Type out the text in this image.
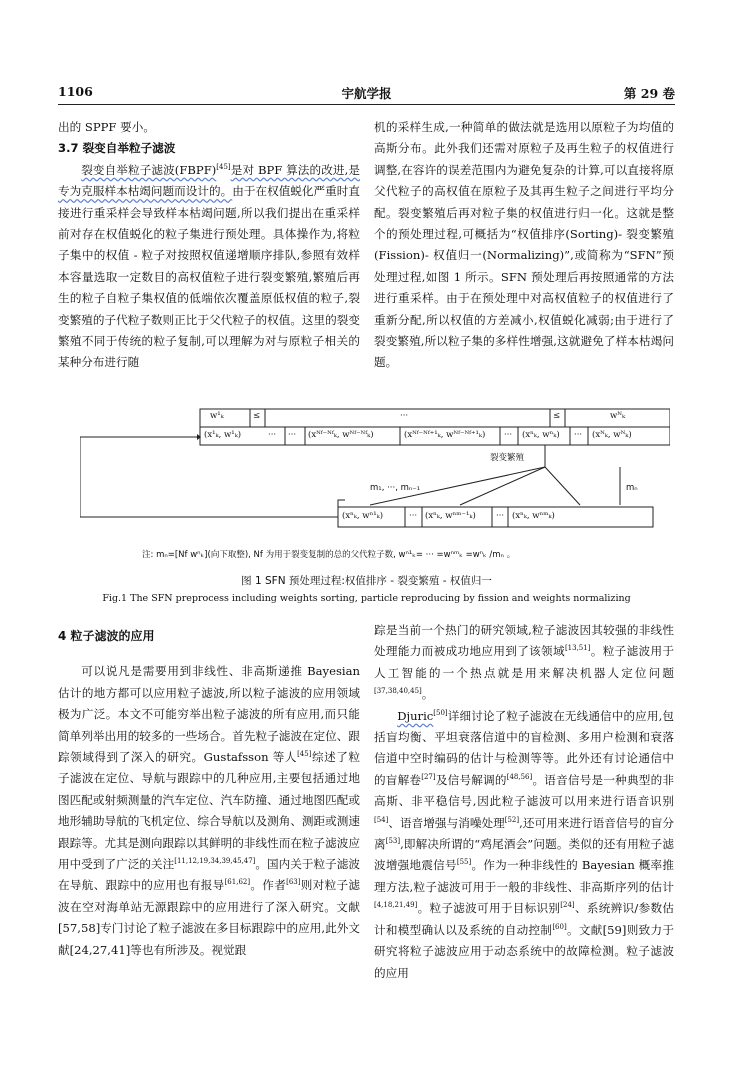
1106	宇航学报	第 29 卷

出的 SPPF 要小。

3.7 裂变自举粒子滤波

裂变自举粒子滤波(FBPF)[45]是对 BPF 算法的改进,是专为克服样本枯竭问题而设计的。由于在权值蜕化严重时直接进行重采样会导致样本枯竭问题,所以我们提出在重采样前对存在权值蜕化的粒子集进行预处理。具体操作为,将粒子集中的权值 - 粒子对按照权值递增顺序排队,参照有效样本容量选取一定数目的高权值粒子进行裂变繁殖,繁殖后再生的粒子自粒子集权值的低端依次覆盖原低权值的粒子,裂变繁殖的子代粒子数则正比于父代粒子的权值。这里的裂变繁殖不同于传统的粒子复制,可以理解为对与原粒子相关的某种分布进行随

机的采样生成,一种简单的做法就是选用以原粒子为均值的高斯分布。此外我们还需对原粒子及再生粒子的权值进行调整,在容许的误差范围内为避免复杂的计算,可以直接将原父代粒子的高权值在原粒子及其再生粒子之间进行平均分配。裂变繁殖后再对粒子集的权值进行归一化。这就是整个的预处理过程,可概括为“权值排序(Sorting)- 裂变繁殖(Fission)- 权值归一(Normalizing)”,或简称为“SFN”预处理过程,如图 1 所示。SFN 预处理后再按照通常的方法进行重采样。由于在预处理中对高权值粒子的权值进行了重新分配,所以权值的方差减小,权值蜕化减弱;由于进行了裂变繁殖,所以粒子集的多样性增强,这就避免了样本枯竭问题。

w¹ₖ	≤	···	≤	wᴺₖ
(x¹ₖ, w¹ₖ)	··· ··· (xᴺᶠ⁻ᴺᶠₖ, wᴺᶠ⁻ᴺᶠₖ)	(xᴺᶠ⁻ᴺᶠ⁺¹ₖ, wᴺᶠ⁻ᴺᶠ⁺¹ₖ) ··· (xⁿₖ, wⁿₖ) ··· (xᴺₖ, wᴺₖ)
裂变繁殖
m₁, ···, mₙ₋₁	mₙ
(xⁿₖ, wⁿ¹ₖ)	··· (xⁿₖ, wⁿᵐ⁻¹ₖ) ··· (xⁿₖ, wⁿᵐₖ)
注: mₙ=[Nf wⁿₖ](向下取整), Nf 为用于裂变复制的总的父代粒子数, wⁿ¹ₖ= ··· =wⁿᵐₖ =wⁿₖ /mₙ 。
图 1 SFN 预处理过程:权值排序 - 裂变繁殖 - 权值归一
Fig.1 The SFN preprocess including weights sorting, particle reproducing by fission and weights normalizing

4 粒子滤波的应用

可以说凡是需要用到非线性、非高斯递推 Bayesian 估计的地方都可以应用粒子滤波,所以粒子滤波的应用领域极为广泛。本文不可能穷举出粒子滤波的所有应用,而只能简单列举出用的较多的一些场合。首先粒子滤波在定位、跟踪领域得到了深入的研究。Gustafsson 等人[45]综述了粒子滤波在定位、导航与跟踪中的几种应用,主要包括通过地图匹配或射频测量的汽车定位、汽车防撞、通过地图匹配或地形辅助导航的飞机定位、综合导航以及测角、测距或测速跟踪等。尤其是测向跟踪以其鲜明的非线性而在粒子滤波应用中受到了广泛的关注[11,12,19,34,39,45,47]。国内关于粒子滤波在导航、跟踪中的应用也有报导[61,62]。作者[63]则对粒子滤波在空对海单站无源跟踪中的应用进行了深入研究。文献[57,58]专门讨论了粒子滤波在多目标跟踪中的应用,此外文献[24,27,41]等也有所涉及。视觉跟

踪是当前一个热门的研究领域,粒子滤波因其较强的非线性处理能力而被成功地应用到了该领域[13,51]。粒子滤波用于人工智能的一个热点就是用来解决机器人定位问题[37,38,40,45]。

Djuric[50]详细讨论了粒子滤波在无线通信中的应用,包括盲均衡、平坦衰落信道中的盲检测、多用户检测和衰落信道中空时编码的估计与检测等等。此外还有讨论通信中的盲解卷[27]及信号解调的[48,56]。语音信号是一种典型的非高斯、非平稳信号,因此粒子滤波可以用来进行语音识别[54]、语音增强与消噪处理[52],还可用来进行语音信号的盲分离[53],即解决所谓的“鸡尾酒会”问题。类似的还有用粒子滤波增强地震信号[55]。作为一种非线性的 Bayesian 概率推理方法,粒子滤波可用于一般的非线性、非高斯序列的估计[4,18,21,49]。粒子滤波可用于目标识别[24]、系统辨识/参数估计和模型确认以及系统的自动控制[60]。文献[59]则致力于研究将粒子滤波应用于动态系统中的故障检测。粒子滤波的应用
